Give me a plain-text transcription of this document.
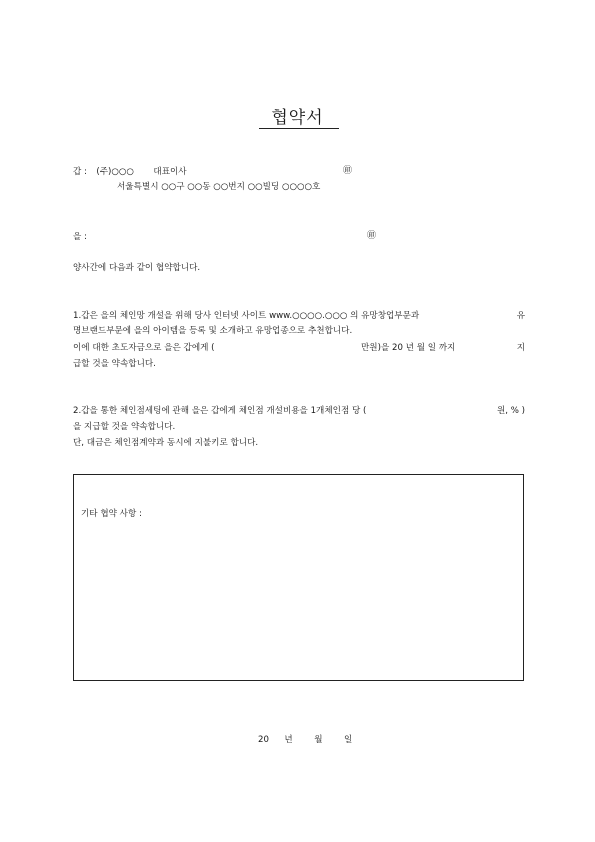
협약서
갑 : (주)○○○ 대표이사	㊞
서울특별시 ○○구 ○○동 ○○번지 ○○빌딩 ○○○○호
을 :	㊞
양사간에 다음과 같이 협약합니다.
1.갑은 을의 체인망 개설을 위해 당사 인터넷 사이트 www.○○○○.○○○ 의 유망창업부문과	유
명브랜드부문에 을의 아이템을 등록 및 소개하고 유망업종으로 추천합니다.
이에 대한 초도자금으로 을은 갑에게 (	만원)을 20 년 월 일 까지	지
급할 것을 약속합니다.
2.갑을 통한 체인점세팅에 관해 을은 갑에게 체인점 개설비용을 1개체인점 당 (	원, % )
을 지급할 것을 약속합니다.
단, 대금은 체인점계약과 동시에 지불키로 합니다.
기타 협약 사항 :
20 년 월 일
